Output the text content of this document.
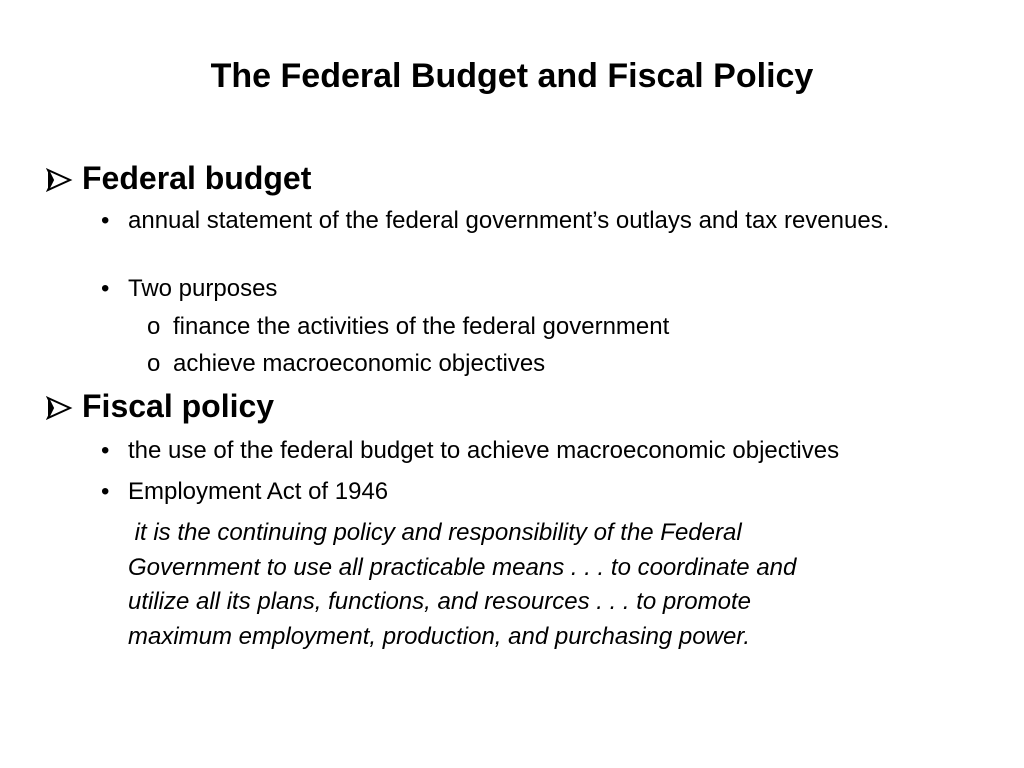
The Federal Budget and Fiscal Policy
Federal budget
• annual statement of the federal government’s outlays and tax revenues.

• Two purposes

o finance the activities of the federal government

o achieve macroeconomic objectives

Fiscal policy
• the use of the federal budget to achieve macroeconomic objectives

• Employment Act of 1946

it is the continuing policy and responsibility of the Federal
Government to use all practicable means . . . to coordinate and
utilize all its plans, functions, and resources . . . to promote
maximum employment, production, and purchasing power.
